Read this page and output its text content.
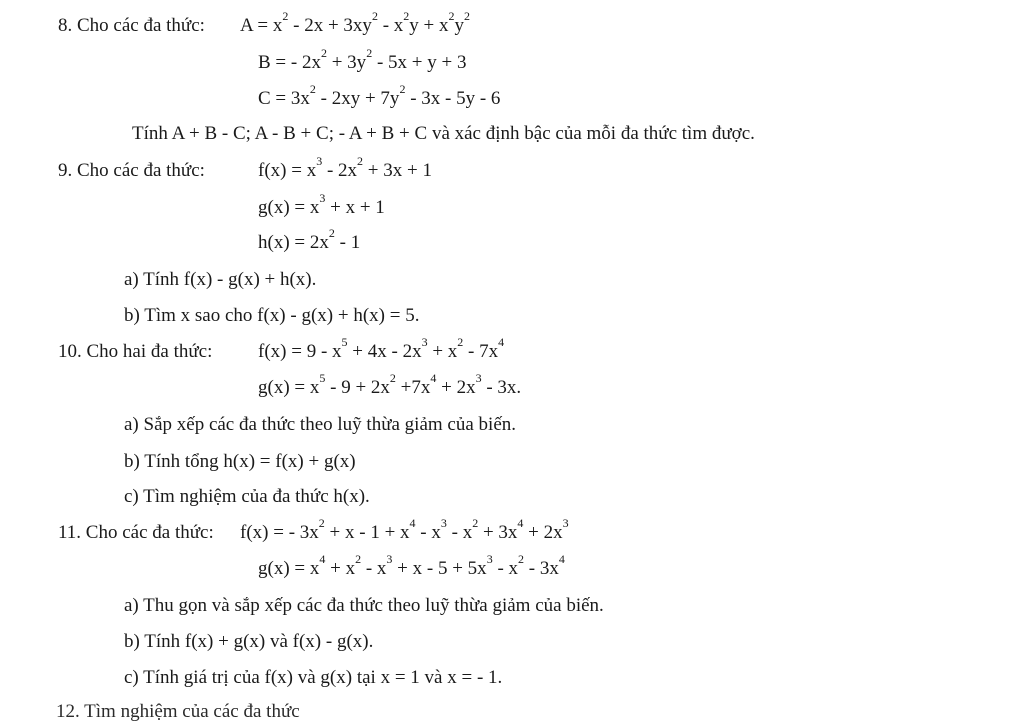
8. Cho các đa thức: $A = x^2 - 2x + 3xy^2 - x^2y + x^2y^2$
B = - $2x^2 + 3y^2 - 5x + y + 3$
$C = 3x^2 - 2xy + 7y^2 - 3x - 5y - 6$
Tính A + B - C; A - B + C; - A + B + C và xác định bậc của mỗi đa thức tìm được.
9. Cho các đa thức:	$f(x) = x^3 - 2x^2 + 3x + 1$
$g(x) = x^3 + x + 1$
$h(x) = 2x^2 - 1$
a) Tính f(x) - g(x) + h(x).
b) Tìm x sao cho f(x) - g(x) + h(x) = 5.
10. Cho hai đa thức: $f(x) = 9 - x^5 + 4x - 2x^3 + x^2 - 7x^4$
$g(x) = x^5 - 9 + 2x^2 +7x^4 + 2x^3 - 3x$.
a) Sắp xếp các đa thức theo luỹ thừa giảm của biến.
b) Tính tổng h(x) = f(x) + g(x)
c) Tìm nghiệm của đa thức h(x).
11. Cho các đa thức: f(x) = - $3x^2 + x - 1 + x^4 - x^3 - x^2 + 3x^4 + 2x^3$
$g(x) = x^4 + x^2 - x^3 + x - 5 + 5x^3 - x^2 - 3x^4$
a) Thu gọn và sắp xếp các đa thức theo luỹ thừa giảm của biến.
b) Tính f(x) + g(x) và f(x) - g(x).
c) Tính giá trị của f(x) và g(x) tại x = 1 và x = - 1.
12. Tìm nghiệm của các đa thức
